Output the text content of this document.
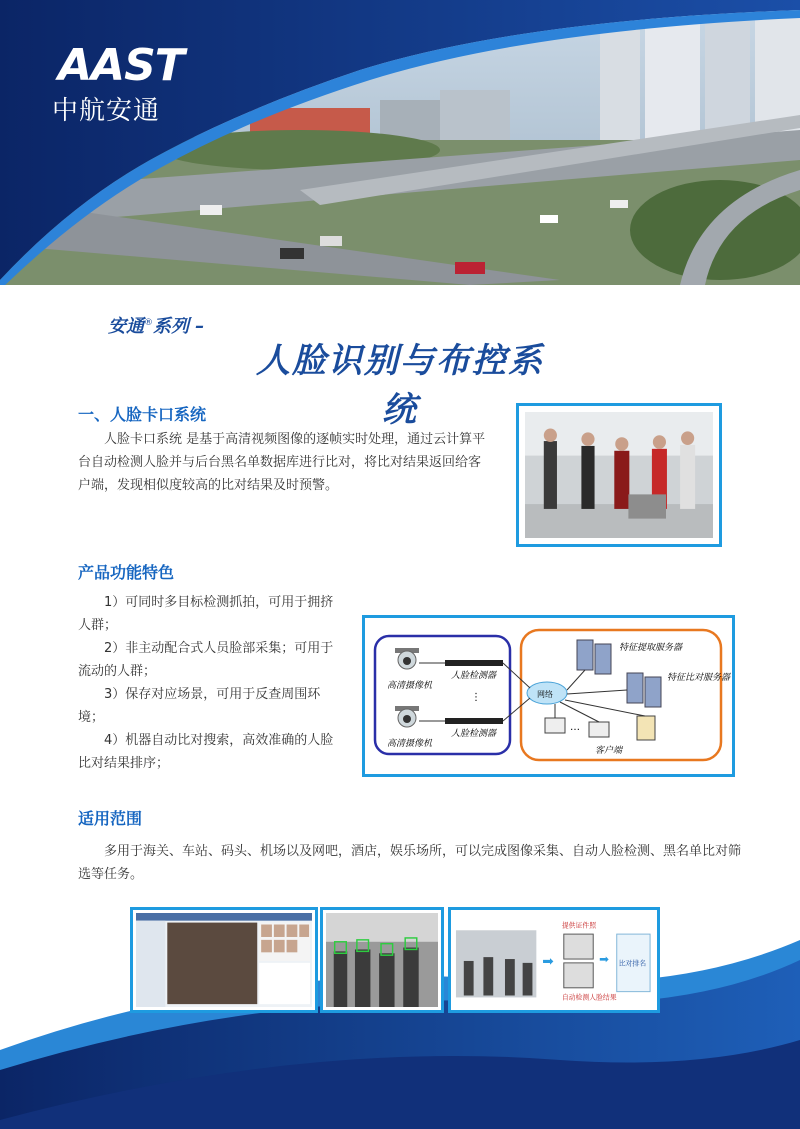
AAST
中航安通
安通®系列 –
人脸识别与布控系统
一、人脸卡口系统

人脸卡口系统 是基于高清视频图像的逐帧实时处理，通过云计算平台自动检测人脸并与后台黑名单数据库进行比对，将比对结果返回给客户端，发现相似度较高的比对结果及时预警。

产品功能特色

1）可同时多目标检测抓拍，可用于拥挤人群；

2）非主动配合式人员脸部采集；可用于流动的人群；

3）保存对应场景，可用于反查周围环境；

4）机器自动比对搜索，高效准确的人脸比对结果排序；

高清摄像机
高清摄像机
人脸检测器
人脸检测器
⋮	网络
特征提取服务器
特征比对服务器
…
客户端
适用范围

多用于海关、车站、码头、机场以及网吧，酒店，娱乐场所，可以完成图像采集、自动人脸检测、黑名单比对筛选等任务。

➡
提供证件照
自动检测人脸结果
➡ 比对排名
